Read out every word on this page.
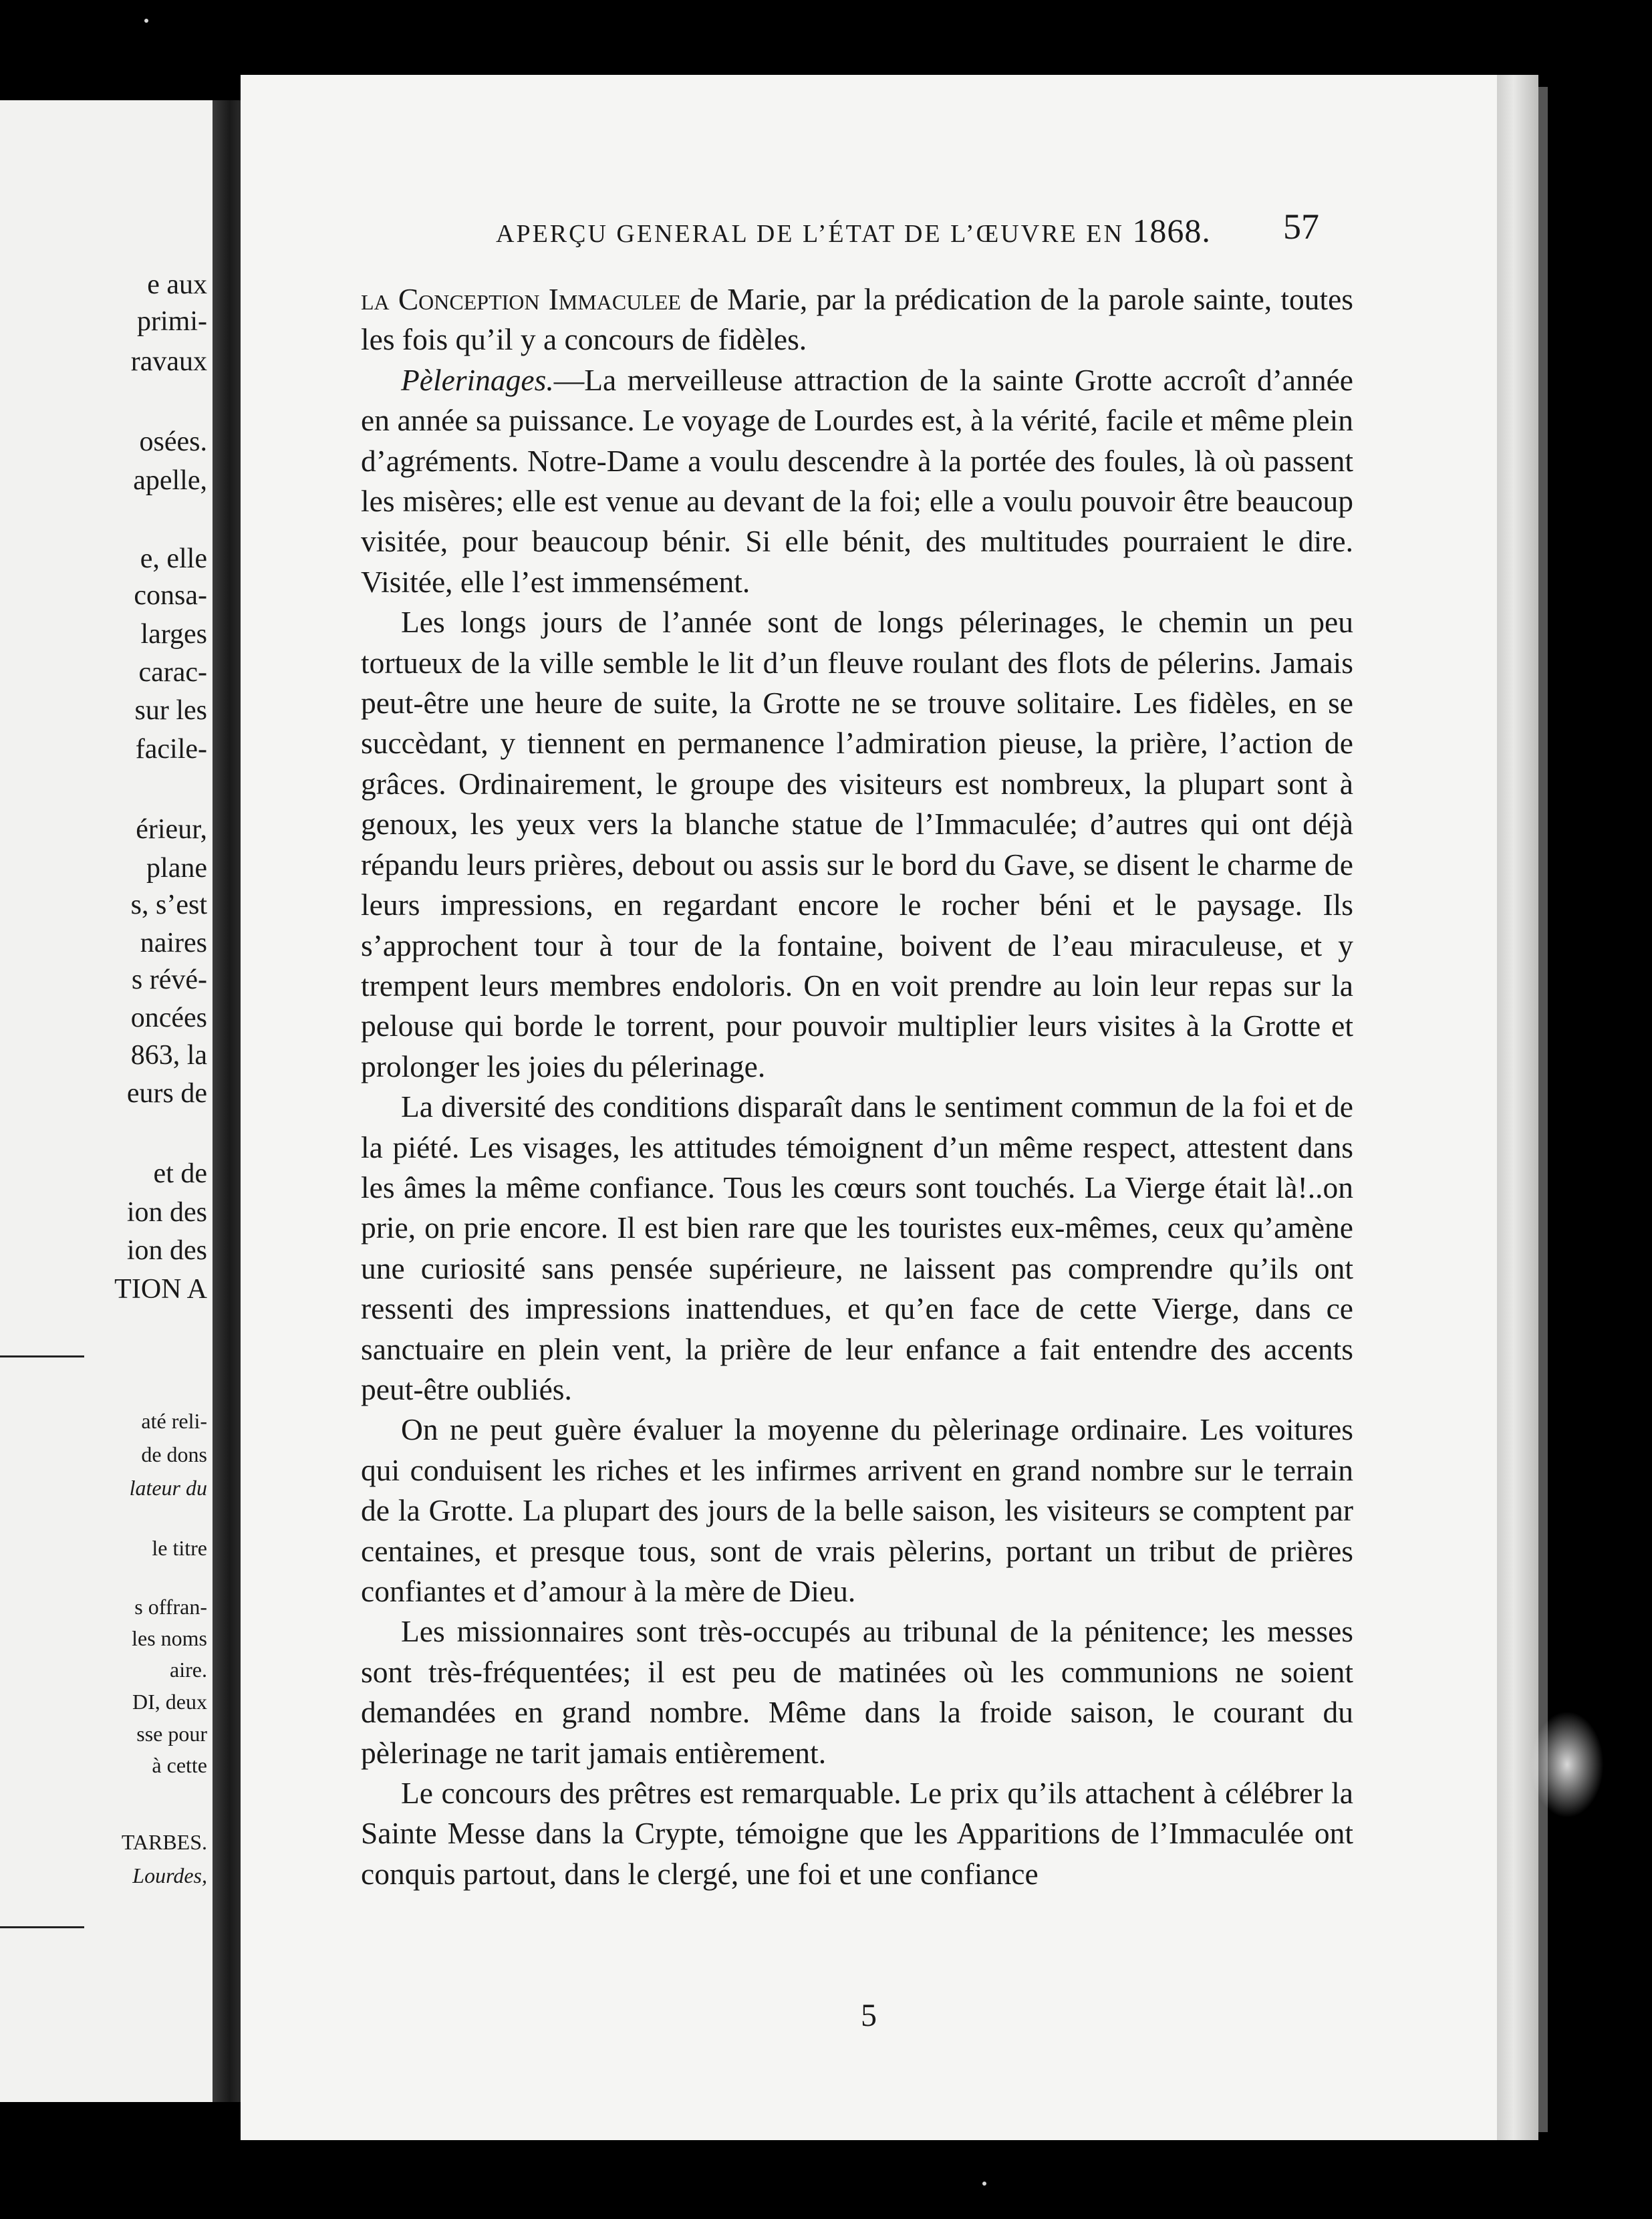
e aux
primi-
ravaux
osées.
apelle,
e, elle
consa-
larges
carac-
sur les
facile-
érieur,
plane
s, s’est
naires
s révé-
oncées
863, la
eurs de
et de
ion des
ion des
TION A
até reli-
de dons
lateur du
le titre
s offran-
les noms
aire.
DI, deux
sse pour
à cette
TARBES.
Lourdes,
APERÇU GENERAL DE L’ÉTAT DE L’ŒUVRE EN 1868. 57

la Conception Immaculee de Marie, par la prédication de la parole sainte, toutes les fois qu’il y a concours de fidèles.

Pèlerinages.—La merveilleuse attraction de la sainte Grotte accroît d’année en année sa puissance. Le voyage de Lourdes est, à la vérité, facile et même plein d’agréments. Notre-Dame a voulu descendre à la portée des foules, là où passent les misères; elle est venue au devant de la foi; elle a voulu pouvoir être beaucoup visitée, pour beaucoup bénir. Si elle bénit, des multitudes pourraient le dire. Visitée, elle l’est immensément.

Les longs jours de l’année sont de longs pélerinages, le chemin un peu tortueux de la ville semble le lit d’un fleuve roulant des flots de pélerins. Jamais peut-être une heure de suite, la Grotte ne se trouve solitaire. Les fidèles, en se succèdant, y tiennent en permanence l’admiration pieuse, la prière, l’action de grâces. Ordinairement, le groupe des visiteurs est nombreux, la plupart sont à genoux, les yeux vers la blanche statue de l’Immaculée; d’autres qui ont déjà répandu leurs prières, debout ou assis sur le bord du Gave, se disent le charme de leurs impressions, en regardant encore le rocher béni et le paysage. Ils s’approchent tour à tour de la fontaine, boivent de l’eau miraculeuse, et y trempent leurs membres endoloris. On en voit prendre au loin leur repas sur la pelouse qui borde le torrent, pour pouvoir multiplier leurs visites à la Grotte et prolonger les joies du pélerinage.

La diversité des conditions disparaît dans le sentiment commun de la foi et de la piété. Les visages, les attitudes témoignent d’un même respect, attestent dans les âmes la même confiance. Tous les cœurs sont touchés. La Vierge était là!..on prie, on prie encore. Il est bien rare que les touristes eux-mêmes, ceux qu’amène une curiosité sans pensée supérieure, ne laissent pas comprendre qu’ils ont ressenti des impressions inattendues, et qu’en face de cette Vierge, dans ce sanctuaire en plein vent, la prière de leur enfance a fait entendre des accents peut-être oubliés.

On ne peut guère évaluer la moyenne du pèlerinage ordinaire. Les voitures qui conduisent les riches et les infirmes arrivent en grand nombre sur le terrain de la Grotte. La plupart des jours de la belle saison, les visiteurs se comptent par centaines, et presque tous, sont de vrais pèlerins, portant un tribut de prières confiantes et d’amour à la mère de Dieu.

Les missionnaires sont très-occupés au tribunal de la pénitence; les messes sont très-fréquentées; il est peu de matinées où les communions ne soient demandées en grand nombre. Même dans la froide saison, le courant du pèlerinage ne tarit jamais entièrement.

Le concours des prêtres est remarquable. Le prix qu’ils attachent à célébrer la Sainte Messe dans la Crypte, témoigne que les Apparitions de l’Immaculée ont conquis partout, dans le clergé, une foi et une confiance

5
